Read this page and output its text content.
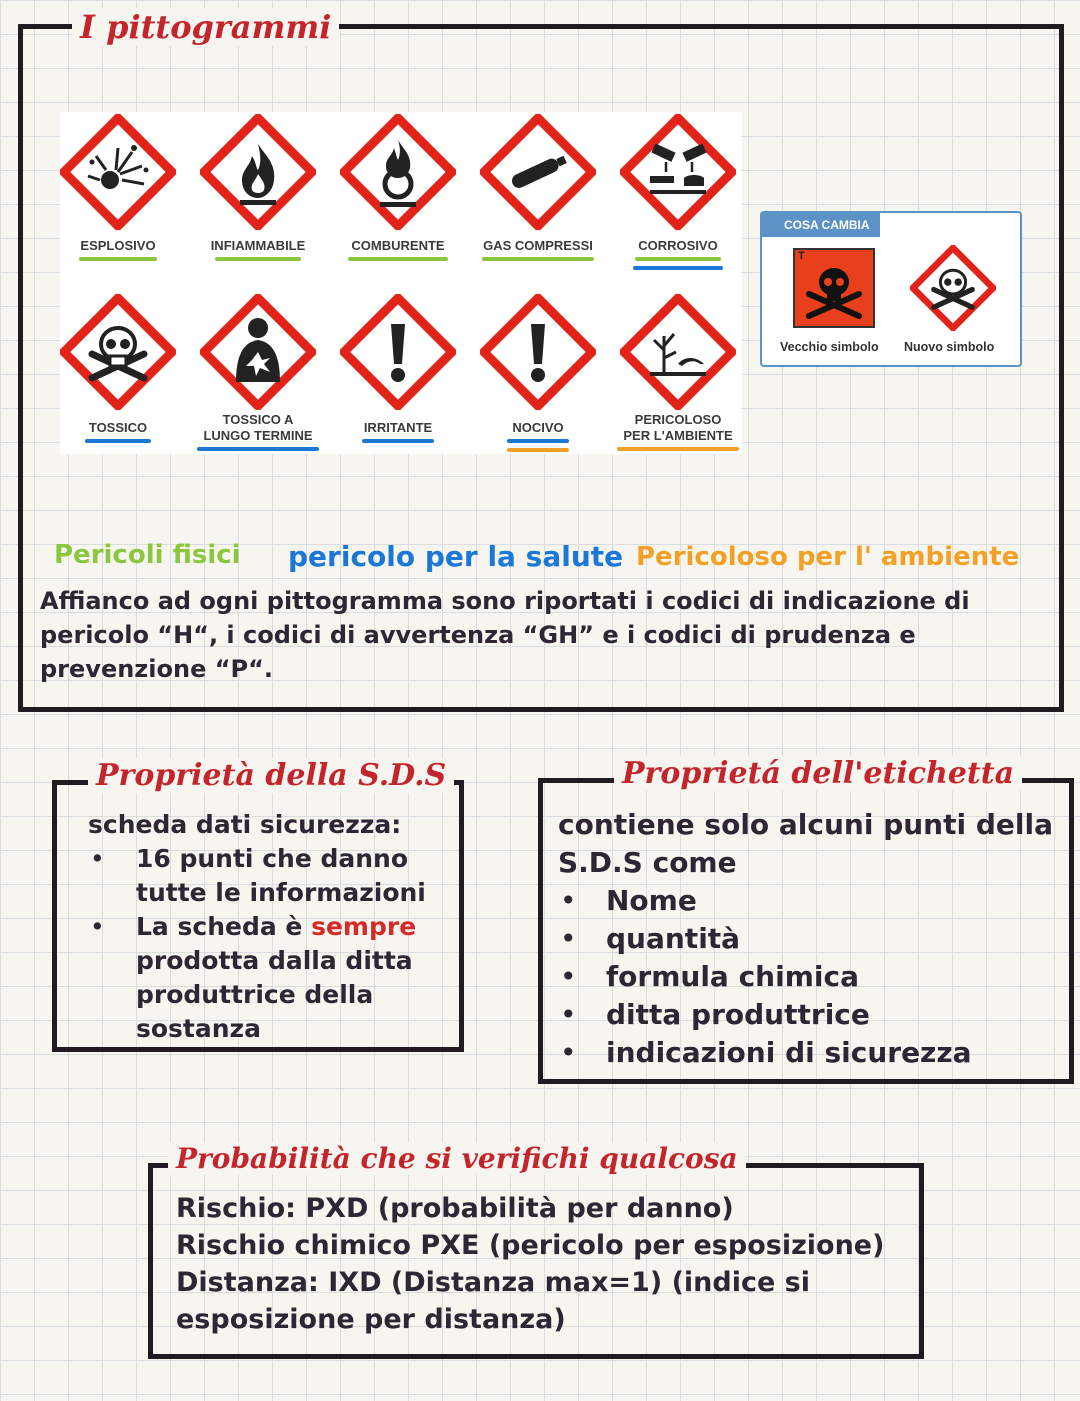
I pittogrammi
ESPLOSIVO	INFIAMMABILE	COMBURENTE	GAS COMPRESSI	CORROSIVO
TOSSICO
TOSSICO A
LUNGO TERMINE
IRRITANTE	NOCIVO
PERICOLOSO
PER L'AMBIENTE
COSA CAMBIA
T
Vecchio simbolo Nuovo simbolo
Pericoli fisici pericolo per la salute Pericoloso per l' ambiente
Affianco ad ogni pittogramma sono riportati i codici di indicazione di
pericolo “H“, i codici di avvertenza “GH” e i codici di prudenza e
prevenzione “P“.
Proprietà della S.D.S
scheda dati sicurezza:
• 16 punti che danno
tutte le informazioni
• La scheda è sempre
prodotta dalla ditta
produttrice della
sostanza
Proprietá dell'etichetta
contiene solo alcuni punti della
S.D.S come
• Nome
• quantità
• formula chimica
• ditta produttrice
• indicazioni di sicurezza
Probabilità che si verifichi qualcosa
Rischio: PXD (probabilità per danno)
Rischio chimico PXE (pericolo per esposizione)
Distanza: IXD (Distanza max=1) (indice si
esposizione per distanza)
